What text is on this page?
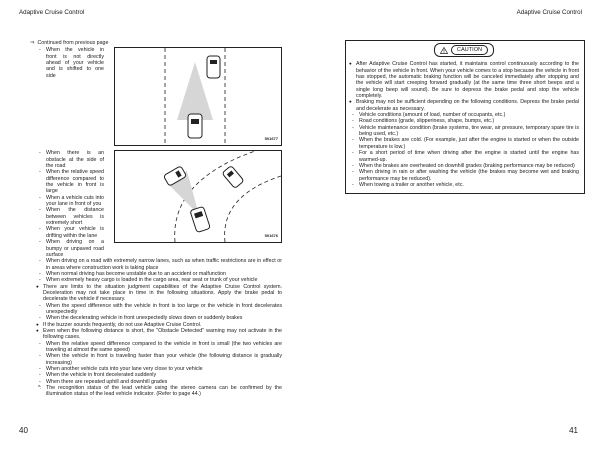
Adaptive Cruise Control	Adaptive Cruise Control
⇒ Continued from previous page
- When the vehicle in front is not directly ahead of your vehicle and is shifted to one side
501677
- When there is an obstacle at the side of the road
- When the relative speed difference compared to the vehicle in front is large
- When a vehicle cuts into your lane in front of you
- When the distance between vehicles is extremely short
- When your vehicle is drifting within the lane
- When driving on a bumpy or unpaved road surface
501676
- When driving on a road with extremely narrow lanes, such as when traffic restrictions are in effect or in areas where construction work is taking place
- When normal driving has become unstable due to an accident or malfunction
- When extremely heavy cargo is loaded in the cargo area, rear seat or trunk of your vehicle
● There are limits to the situation judgment capabilities of the Adaptive Cruise Control system. Deceleration may not take place in time in the following situations. Apply the brake pedal to decelerate the vehicle if necessary.
- When the speed difference with the vehicle in front is too large or the vehicle in front decelerates unexpectedly
- When the decelerating vehicle in front unexpectedly slows down or suddenly brakes
● If the buzzer sounds frequently, do not use Adaptive Cruise Control.
● Even when the following distance is short, the "Obstacle Detected" warning may not activate in the following cases.
- When the relative speed difference compared to the vehicle in front is small (the two vehicles are traveling at almost the same speed)
- When the vehicle in front is traveling faster than your vehicle (the following distance is gradually increasing)
- When another vehicle cuts into your lane very close to your vehicle
- When the vehicle in front decelerated suddenly
- When there are repeated uphill and downhill grades
*: The recognition status of the lead vehicle using the stereo camera can be confirmed by the illumination status of the lead vehicle indicator. (Refer to page 44.)
CAUTION
● After Adaptive Cruise Control has started, it maintains control continuously according to the behavior of the vehicle in front. When your vehicle comes to a stop because the vehicle in front has stopped, the automatic braking function will be canceled immediately after stopping and the vehicle will start creeping forward gradually (at the same time three short beeps and a single long beep will sound). Be sure to depress the brake pedal and stop the vehicle completely.
● Braking may not be sufficient depending on the following conditions. Depress the brake pedal and decelerate as necessary.
- Vehicle conditions (amount of load, number of occupants, etc.)
- Road conditions (grade, slipperiness, shape, bumps, etc.)
- Vehicle maintenance condition (brake systems, tire wear, air pressure, temporary spare tire is being used, etc.)
- When the brakes are cold. (For example, just after the engine is started or when the outside temperature is low.)
- For a short period of time when driving after the engine is started until the engine has warmed-up.
- When the brakes are overheated on downhill grades (braking performance may be reduced)
- When driving in rain or after washing the vehicle (the brakes may become wet and braking performance may be reduced).
- When towing a trailer or another vehicle, etc.
40	41
